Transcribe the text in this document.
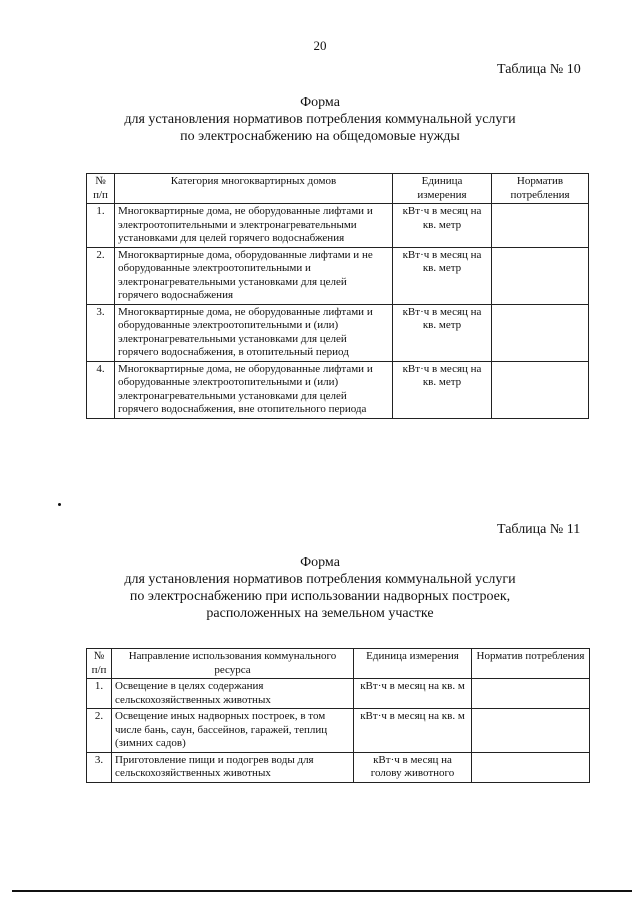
20
Таблица № 10
Форма
для установления нормативов потребления коммунальной услуги
по электроснабжению на общедомовые нужды
№ п/п	Категория многоквартирных домов	Единица измерения	Норматив потребления
1.	Многоквартирные дома, не оборудованные лифтами и электроотопительными и электронагревательными установками для целей горячего водоснабжения	кВт·ч в месяц на кв. метр	
2.	Многоквартирные дома, оборудованные лифтами и не оборудованные электроотопительными и электронагревательными установками для целей горячего водоснабжения	кВт·ч в месяц на кв. метр	
3.	Многоквартирные дома, не оборудованные лифтами и оборудованные электроотопительными и (или) электронагревательными установками для целей горячего водоснабжения, в отопительный период	кВт·ч в месяц на кв. метр	
4.	Многоквартирные дома, не оборудованные лифтами и оборудованные электроотопительными и (или) электронагревательными установками для целей горячего водоснабжения, вне отопительного периода	кВт·ч в месяц на кв. метр	
Таблица № 11
Форма
для установления нормативов потребления коммунальной услуги
по электроснабжению при использовании надворных построек,
расположенных на земельном участке
№ п/п	Направление использования коммунального ресурса	Единица измерения	Норматив потребления
1.	Освещение в целях содержания сельскохозяйственных животных	кВт·ч в месяц на кв. м	
2.	Освещение иных надворных построек, в том числе бань, саун, бассейнов, гаражей, теплиц (зимних садов)	кВт·ч в месяц на кв. м	
3.	Приготовление пищи и подогрев воды для сельскохозяйственных животных	кВт·ч в месяц на голову животного	
